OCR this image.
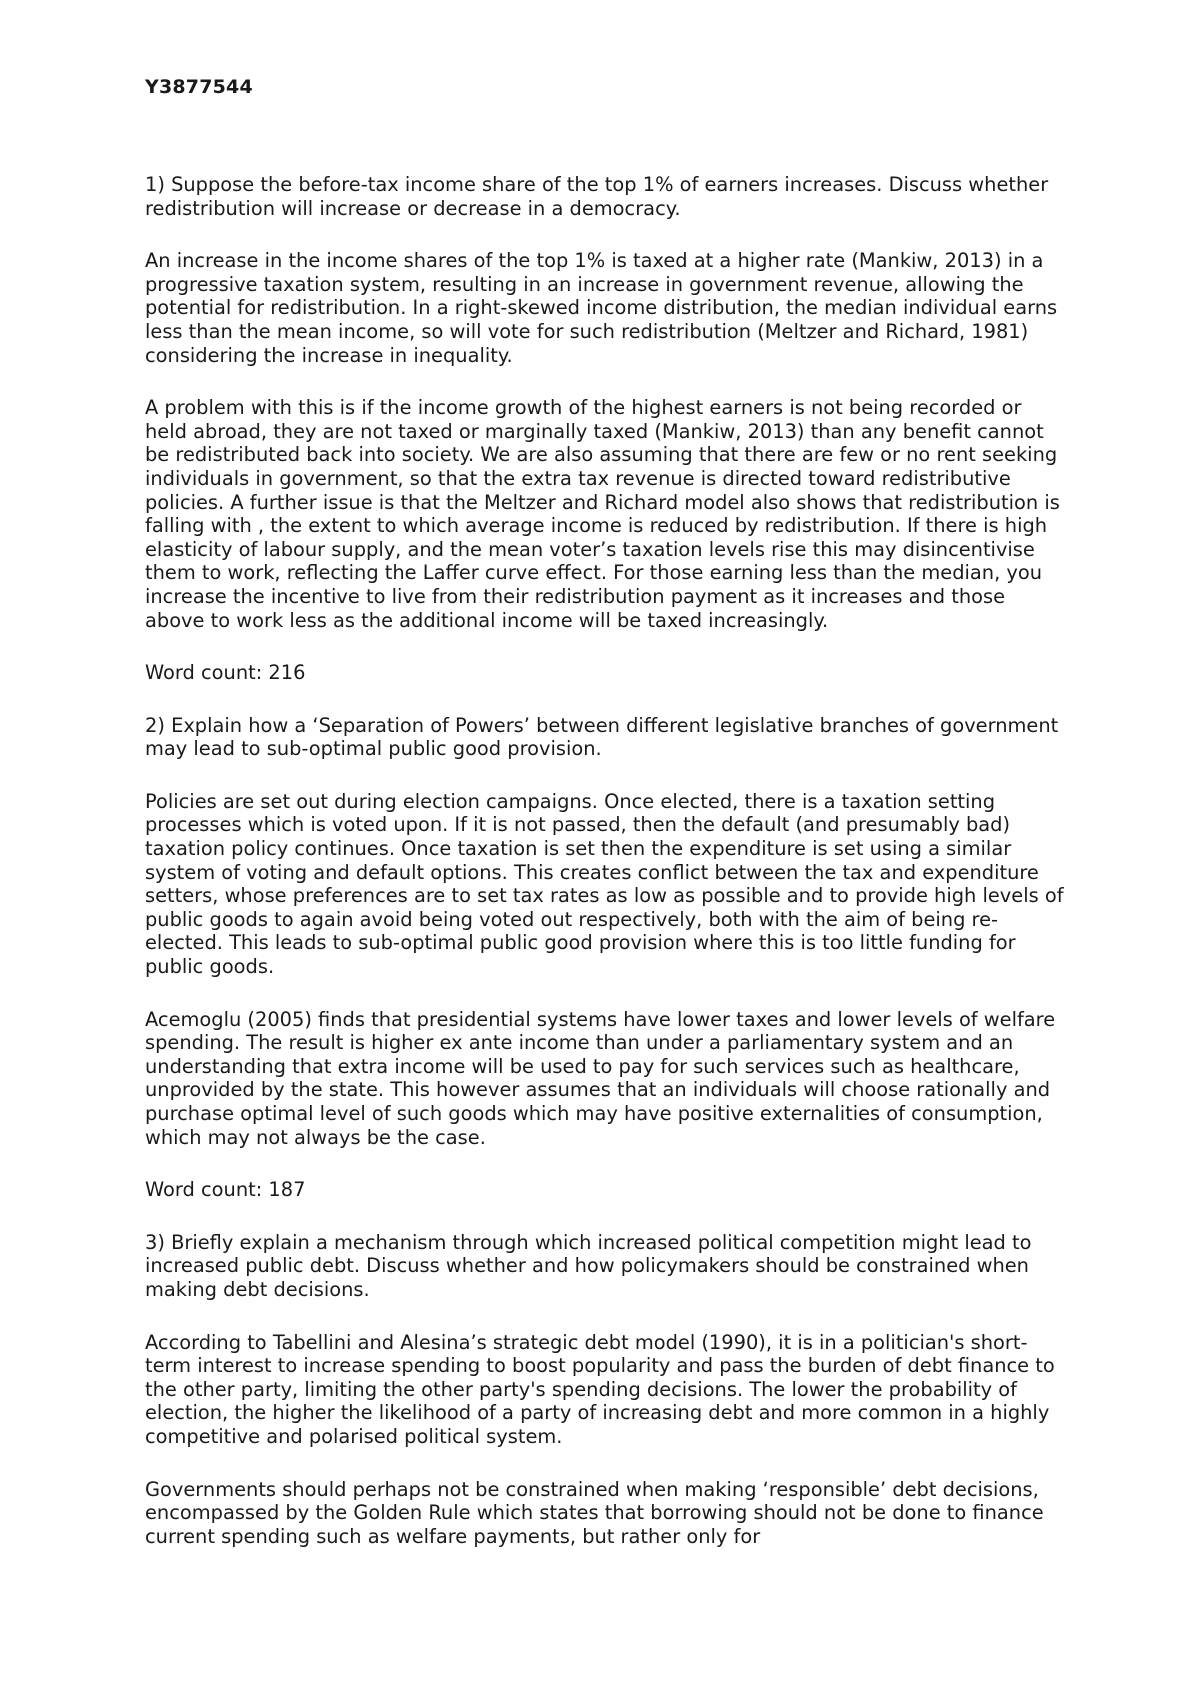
Y3877544

1) Suppose the before-tax income share of the top 1% of earners increases. Discuss whether redistribution will increase or decrease in a democracy.

An increase in the income shares of the top 1% is taxed at a higher rate (Mankiw, 2013) in a progressive taxation system, resulting in an increase in government revenue, allowing the potential for redistribution. In a right-skewed income distribution, the median individual earns less than the mean income, so will vote for such redistribution (Meltzer and Richard, 1981) considering the increase in inequality.

A problem with this is if the income growth of the highest earners is not being recorded or held abroad, they are not taxed or marginally taxed (Mankiw, 2013) than any benefit cannot be redistributed back into society. We are also assuming that there are few or no rent seeking individuals in government, so that the extra tax revenue is directed toward redistributive policies. A further issue is that the Meltzer and Richard model also shows that redistribution is falling with , the extent to which average income is reduced by redistribution. If there is high elasticity of labour supply, and the mean voter’s taxation levels rise this may disincentivise them to work, reflecting the Laffer curve effect. For those earning less than the median, you increase the incentive to live from their redistribution payment as it increases and those above to work less as the additional income will be taxed increasingly.

Word count: 216

2) Explain how a ‘Separation of Powers’ between different legislative branches of government may lead to sub-optimal public good provision.

Policies are set out during election campaigns. Once elected, there is a taxation setting processes which is voted upon. If it is not passed, then the default (and presumably bad) taxation policy continues. Once taxation is set then the expenditure is set using a similar system of voting and default options. This creates conflict between the tax and expenditure setters, whose preferences are to set tax rates as low as possible and to provide high levels of public goods to again avoid being voted out respectively, both with the aim of being re-elected. This leads to sub-optimal public good provision where this is too little funding for public goods.

Acemoglu (2005) finds that presidential systems have lower taxes and lower levels of welfare spending. The result is higher ex ante income than under a parliamentary system and an understanding that extra income will be used to pay for such services such as healthcare, unprovided by the state. This however assumes that an individuals will choose rationally and purchase optimal level of such goods which may have positive externalities of consumption, which may not always be the case.

Word count: 187

3) Briefly explain a mechanism through which increased political competition might lead to increased public debt. Discuss whether and how policymakers should be constrained when making debt decisions.

According to Tabellini and Alesina’s strategic debt model (1990), it is in a politician's short-term interest to increase spending to boost popularity and pass the burden of debt finance to the other party, limiting the other party's spending decisions. The lower the probability of election, the higher the likelihood of a party of increasing debt and more common in a highly competitive and polarised political system.

Governments should perhaps not be constrained when making ‘responsible’ debt decisions, encompassed by the Golden Rule which states that borrowing should not be done to finance current spending such as welfare payments, but rather only for
